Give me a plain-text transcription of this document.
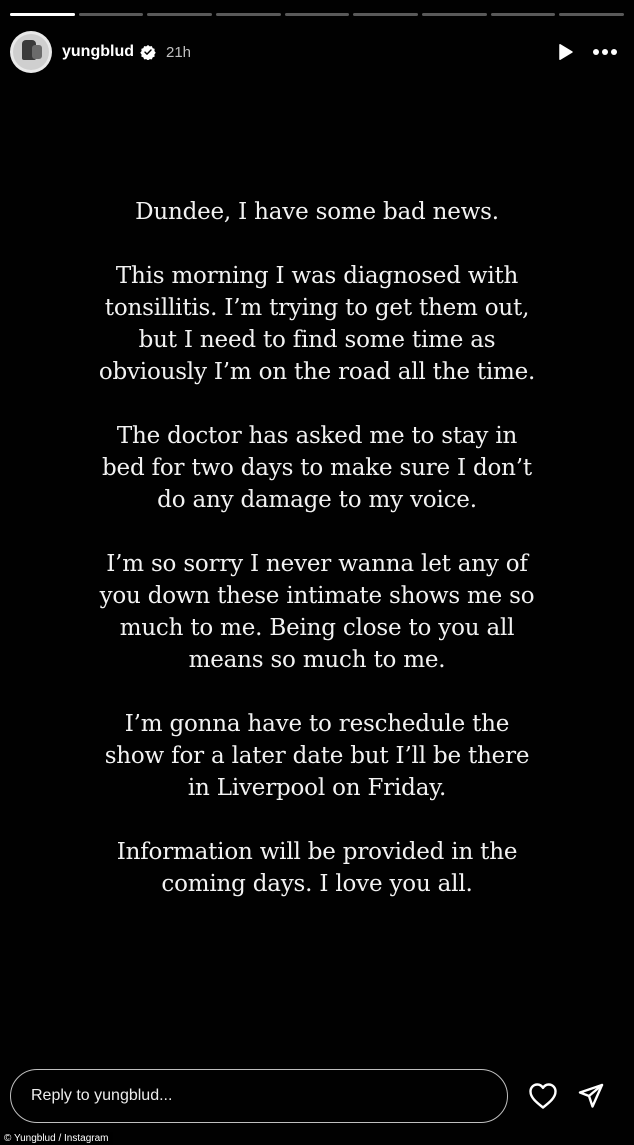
yungblud 21h

Dundee, I have some bad news.

This morning I was diagnosed with
tonsillitis. I’m trying to get them out,
but I need to find some time as
obviously I’m on the road all the time.

The doctor has asked me to stay in
bed for two days to make sure I don’t
do any damage to my voice.

I’m so sorry I never wanna let any of
you down these intimate shows me so
much to me. Being close to you all
means so much to me.

I’m gonna have to reschedule the
show for a later date but I’ll be there
in Liverpool on Friday.

Information will be provided in the
coming days. I love you all.

Reply to yungblud...
© Yungblud / Instagram
